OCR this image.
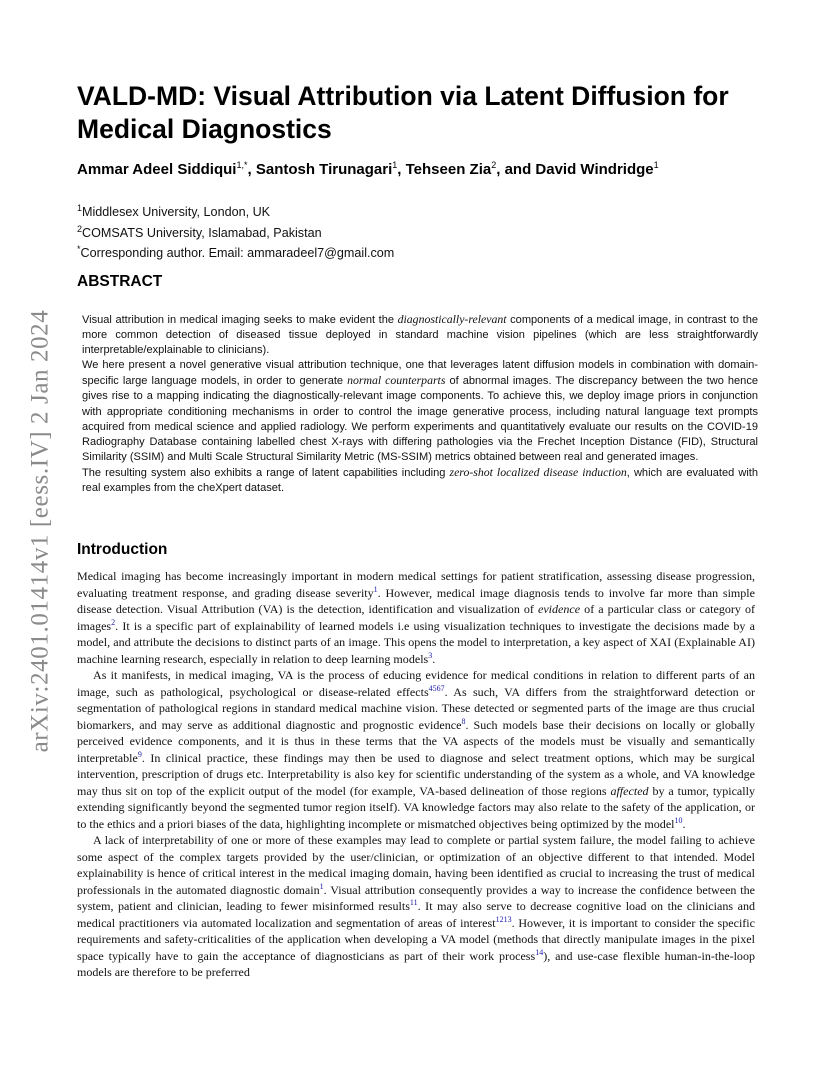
arXiv:2401.01414v1 [eess.IV] 2 Jan 2024
VALD-MD: Visual Attribution via Latent Diffusion for Medical Diagnostics
Ammar Adeel Siddiqui$^{1,*}$, Santosh Tirunagari$^1$, Tehseen Zia$^2$, and David Windridge$^1$
$^1$Middlesex University, London, UK
$^2$COMSATS University, Islamabad, Pakistan
*Corresponding author. Email: ammaradeel7@gmail.com
ABSTRACT

Visual attribution in medical imaging seeks to make evident the diagnostically-relevant components of a medical image, in contrast to the more common detection of diseased tissue deployed in standard machine vision pipelines (which are less straightforwardly interpretable/explainable to clinicians).

We here present a novel generative visual attribution technique, one that leverages latent diffusion models in combination with domain-specific large language models, in order to generate normal counterparts of abnormal images. The discrepancy between the two hence gives rise to a mapping indicating the diagnostically-relevant image components. To achieve this, we deploy image priors in conjunction with appropriate conditioning mechanisms in order to control the image generative process, including natural language text prompts acquired from medical science and applied radiology. We perform experiments and quantitatively evaluate our results on the COVID-19 Radiography Database containing labelled chest X-rays with differing pathologies via the Frechet Inception Distance (FID), Structural Similarity (SSIM) and Multi Scale Structural Similarity Metric (MS-SSIM) metrics obtained between real and generated images.

The resulting system also exhibits a range of latent capabilities including zero-shot localized disease induction, which are evaluated with real examples from the cheXpert dataset.

Introduction

Medical imaging has become increasingly important in modern medical settings for patient stratification, assessing disease progression, evaluating treatment response, and grading disease severity$^1$. However, medical image diagnosis tends to involve far more than simple disease detection. Visual Attribution (VA) is the detection, identification and visualization of evidence of a particular class or category of images$^2$. It is a specific part of explainability of learned models i.e using visualization techniques to investigate the decisions made by a model, and attribute the decisions to distinct parts of an image. This opens the model to interpretation, a key aspect of XAI (Explainable AI) machine learning research, especially in relation to deep learning models$^3$.

As it manifests, in medical imaging, VA is the process of educing evidence for medical conditions in relation to different parts of an image, such as pathological, psychological or disease-related effects$^{4567}$. As such, VA differs from the straightforward detection or segmentation of pathological regions in standard medical machine vision. These detected or segmented parts of the image are thus crucial biomarkers, and may serve as additional diagnostic and prognostic evidence$^8$. Such models base their decisions on locally or globally perceived evidence components, and it is thus in these terms that the VA aspects of the models must be visually and semantically interpretable$^9$. In clinical practice, these findings may then be used to diagnose and select treatment options, which may be surgical intervention, prescription of drugs etc. Interpretability is also key for scientific understanding of the system as a whole, and VA knowledge may thus sit on top of the explicit output of the model (for example, VA-based delineation of those regions affected by a tumor, typically extending significantly beyond the segmented tumor region itself). VA knowledge factors may also relate to the safety of the application, or to the ethics and a priori biases of the data, highlighting incomplete or mismatched objectives being optimized by the model$^{10}$.

A lack of interpretability of one or more of these examples may lead to complete or partial system failure, the model failing to achieve some aspect of the complex targets provided by the user/clinician, or optimization of an objective different to that intended. Model explainability is hence of critical interest in the medical imaging domain, having been identified as crucial to increasing the trust of medical professionals in the automated diagnostic domain$^1$. Visual attribution consequently provides a way to increase the confidence between the system, patient and clinician, leading to fewer misinformed results$^{11}$. It may also serve to decrease cognitive load on the clinicians and medical practitioners via automated localization and segmentation of areas of interest$^{1213}$. However, it is important to consider the specific requirements and safety-criticalities of the application when developing a VA model (methods that directly manipulate images in the pixel space typically have to gain the acceptance of diagnosticians as part of their work process$^{14}$), and use-case flexible human-in-the-loop models are therefore to be preferred
